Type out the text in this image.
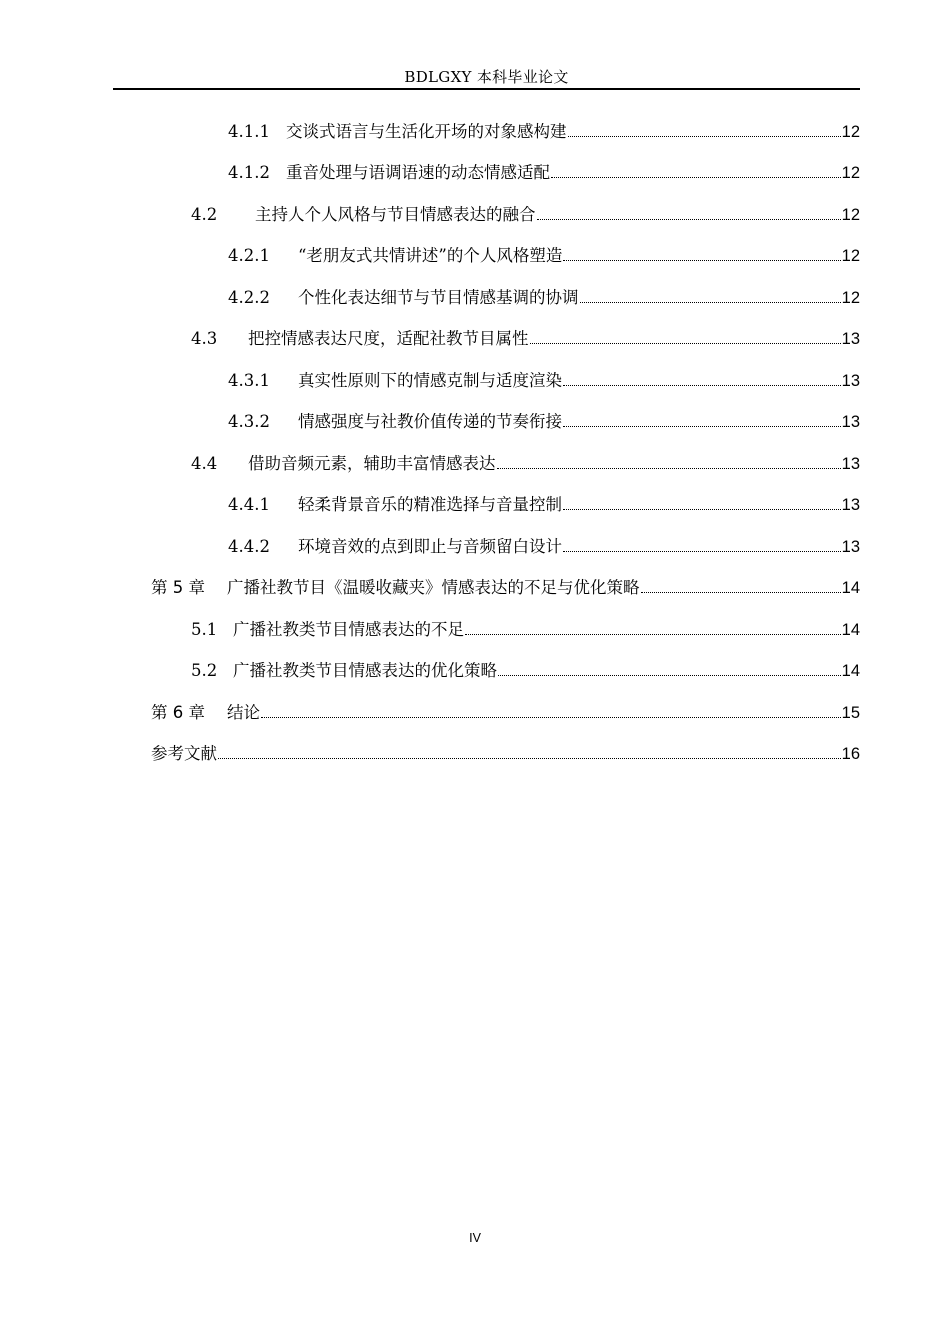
BDLGXY 本科毕业论文
4.1.1 交谈式语言与生活化开场的对象感构建	12
4.1.2 重音处理与语调语速的动态情感适配	12
4.2	主持人个人风格与节目情感表达的融合	12
4.2.1	“老朋友式共情讲述”的个人风格塑造	12
4.2.2	个性化表达细节与节目情感基调的协调	12
4.3	把控情感表达尺度，适配社教节目属性	13
4.3.1	真实性原则下的情感克制与适度渲染	13
4.3.2	情感强度与社教价值传递的节奏衔接	13
4.4	借助音频元素，辅助丰富情感表达	13
4.4.1	轻柔背景音乐的精准选择与音量控制	13
4.4.2	环境音效的点到即止与音频留白设计	13
第 5 章	广播社教节目《温暖收藏夹》情感表达的不足与优化策略	14
5.1 广播社教类节目情感表达的不足	14
5.2 广播社教类节目情感表达的优化策略	14
第 6 章	结论	15
参考文献	16
IV
